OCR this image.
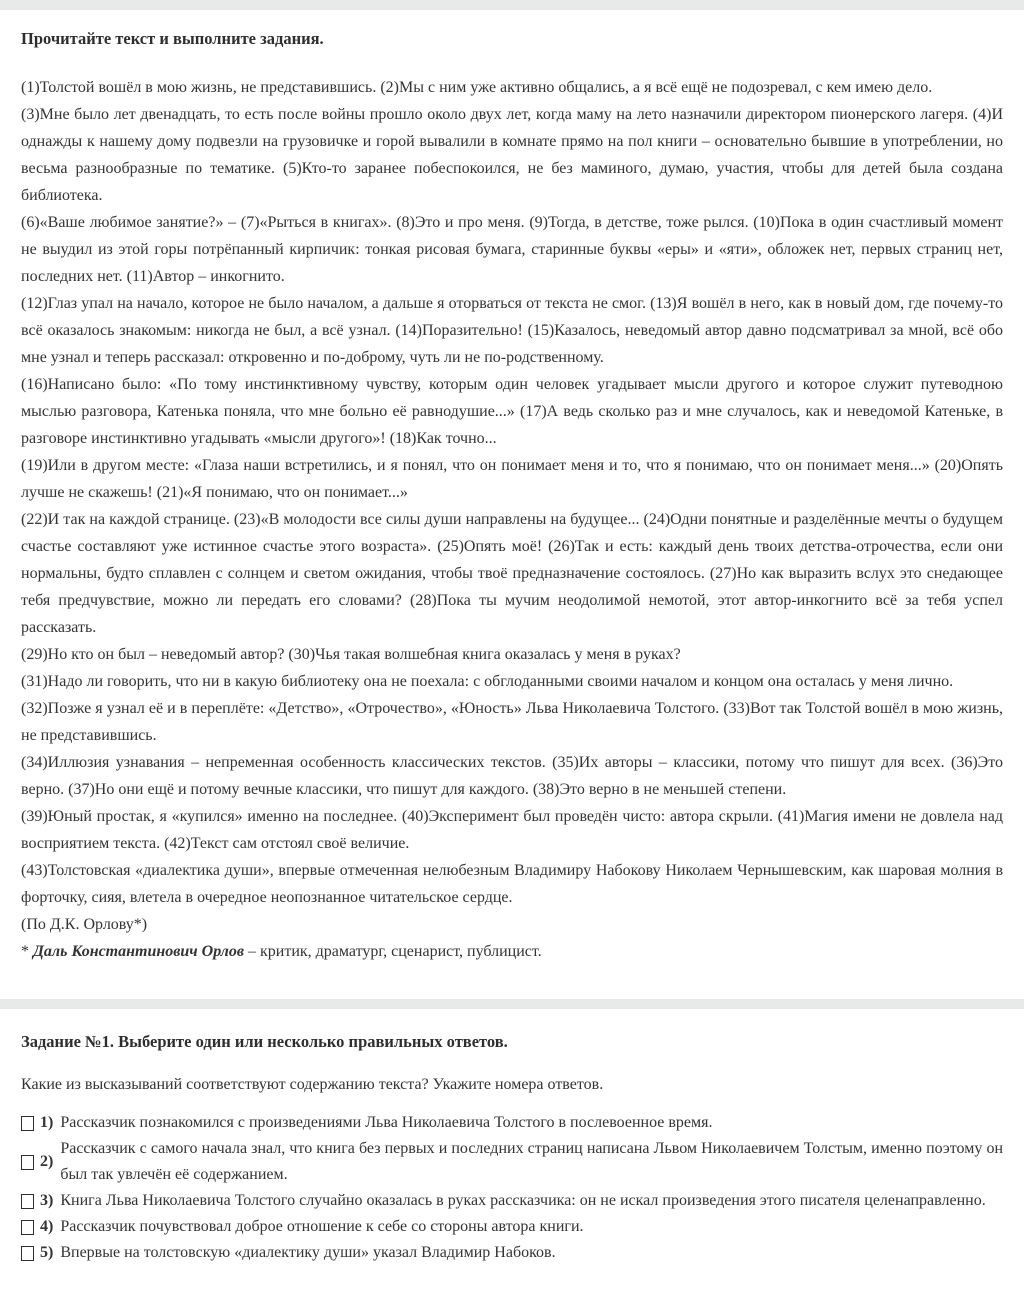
Прочитайте текст и выполните задания.

(1)Толстой вошёл в мою жизнь, не представившись. (2)Мы с ним уже активно общались, а я всё ещё не подозревал, с кем имею дело.

(3)Мне было лет двенадцать, то есть после войны прошло около двух лет, когда маму на лето назначили директором пионерского лагеря. (4)И однажды к нашему дому подвезли на грузовичке и горой вывалили в комнате прямо на пол книги – основательно бывшие в употреблении, но весьма разнообразные по тематике. (5)Кто-то заранее побеспокоился, не без маминого, думаю, участия, чтобы для детей была создана библиотека.

(6)«Ваше любимое занятие?» – (7)«Рыться в книгах». (8)Это и про меня. (9)Тогда, в детстве, тоже рылся. (10)Пока в один счастливый момент не выудил из этой горы потрёпанный кирпичик: тонкая рисовая бумага, старинные буквы «еры» и «яти», обложек нет, первых страниц нет, последних нет. (11)Автор – инкогнито.

(12)Глаз упал на начало, которое не было началом, а дальше я оторваться от текста не смог. (13)Я вошёл в него, как в новый дом, где почему-то всё оказалось знакомым: никогда не был, а всё узнал. (14)Поразительно! (15)Казалось, неведомый автор давно подсматривал за мной, всё обо мне узнал и теперь рассказал: откровенно и по-доброму, чуть ли не по-родственному.

(16)Написано было: «По тому инстинктивному чувству, которым один человек угадывает мысли другого и которое служит путеводною мыслью разговора, Катенька поняла, что мне больно её равнодушие...» (17)А ведь сколько раз и мне случалось, как и неведомой Катеньке, в разговоре инстинктивно угадывать «мысли другого»! (18)Как точно...

(19)Или в другом месте: «Глаза наши встретились, и я понял, что он понимает меня и то, что я понимаю, что он понимает меня...» (20)Опять лучше не скажешь! (21)«Я понимаю, что он понимает...»

(22)И так на каждой странице. (23)«В молодости все силы души направлены на будущее... (24)Одни понятные и разделённые мечты о будущем счастье составляют уже истинное счастье этого возраста». (25)Опять моё! (26)Так и есть: каждый день твоих детства-отрочества, если они нормальны, будто сплавлен с солнцем и светом ожидания, чтобы твоё предназначение состоялось. (27)Но как выразить вслух это снедающее тебя предчувствие, можно ли передать его словами? (28)Пока ты мучим неодолимой немотой, этот автор-инкогнито всё за тебя успел рассказать.

(29)Но кто он был – неведомый автор? (30)Чья такая волшебная книга оказалась у меня в руках?

(31)Надо ли говорить, что ни в какую библиотеку она не поехала: с обглоданными своими началом и концом она осталась у меня лично.

(32)Позже я узнал её и в переплёте: «Детство», «Отрочество», «Юность» Льва Николаевича Толстого. (33)Вот так Толстой вошёл в мою жизнь, не представившись.

(34)Иллюзия узнавания – непременная особенность классических текстов. (35)Их авторы – классики, потому что пишут для всех. (36)Это верно. (37)Но они ещё и потому вечные классики, что пишут для каждого. (38)Это верно в не меньшей степени.

(39)Юный простак, я «купился» именно на последнее. (40)Эксперимент был проведён чисто: автора скрыли. (41)Магия имени не довлела над восприятием текста. (42)Текст сам отстоял своё величие.

(43)Толстовская «диалектика души», впервые отмеченная нелюбезным Владимиру Набокову Николаем Чернышевским, как шаровая молния в форточку, сияя, влетела в очередное неопознанное читательское сердце.

(По Д.К. Орлову*)

* Даль Константинович Орлов – критик, драматург, сценарист, публицист.

Задание №1. Выберите один или несколько правильных ответов.

Какие из высказываний соответствуют содержанию текста? Укажите номера ответов.

1) Рассказчик познакомился с произведениями Льва Николаевича Толстого в послевоенное время.
2)
Рассказчик с самого начала знал, что книга без первых и последних страниц написана Львом Николаевичем Толстым, именно поэтому он был так увлечён её содержанием.
3) Книга Льва Николаевича Толстого случайно оказалась в руках рассказчика: он не искал произведения этого писателя целенаправленно.
4) Рассказчик почувствовал доброе отношение к себе со стороны автора книги.
5) Впервые на толстовскую «диалектику души» указал Владимир Набоков.
